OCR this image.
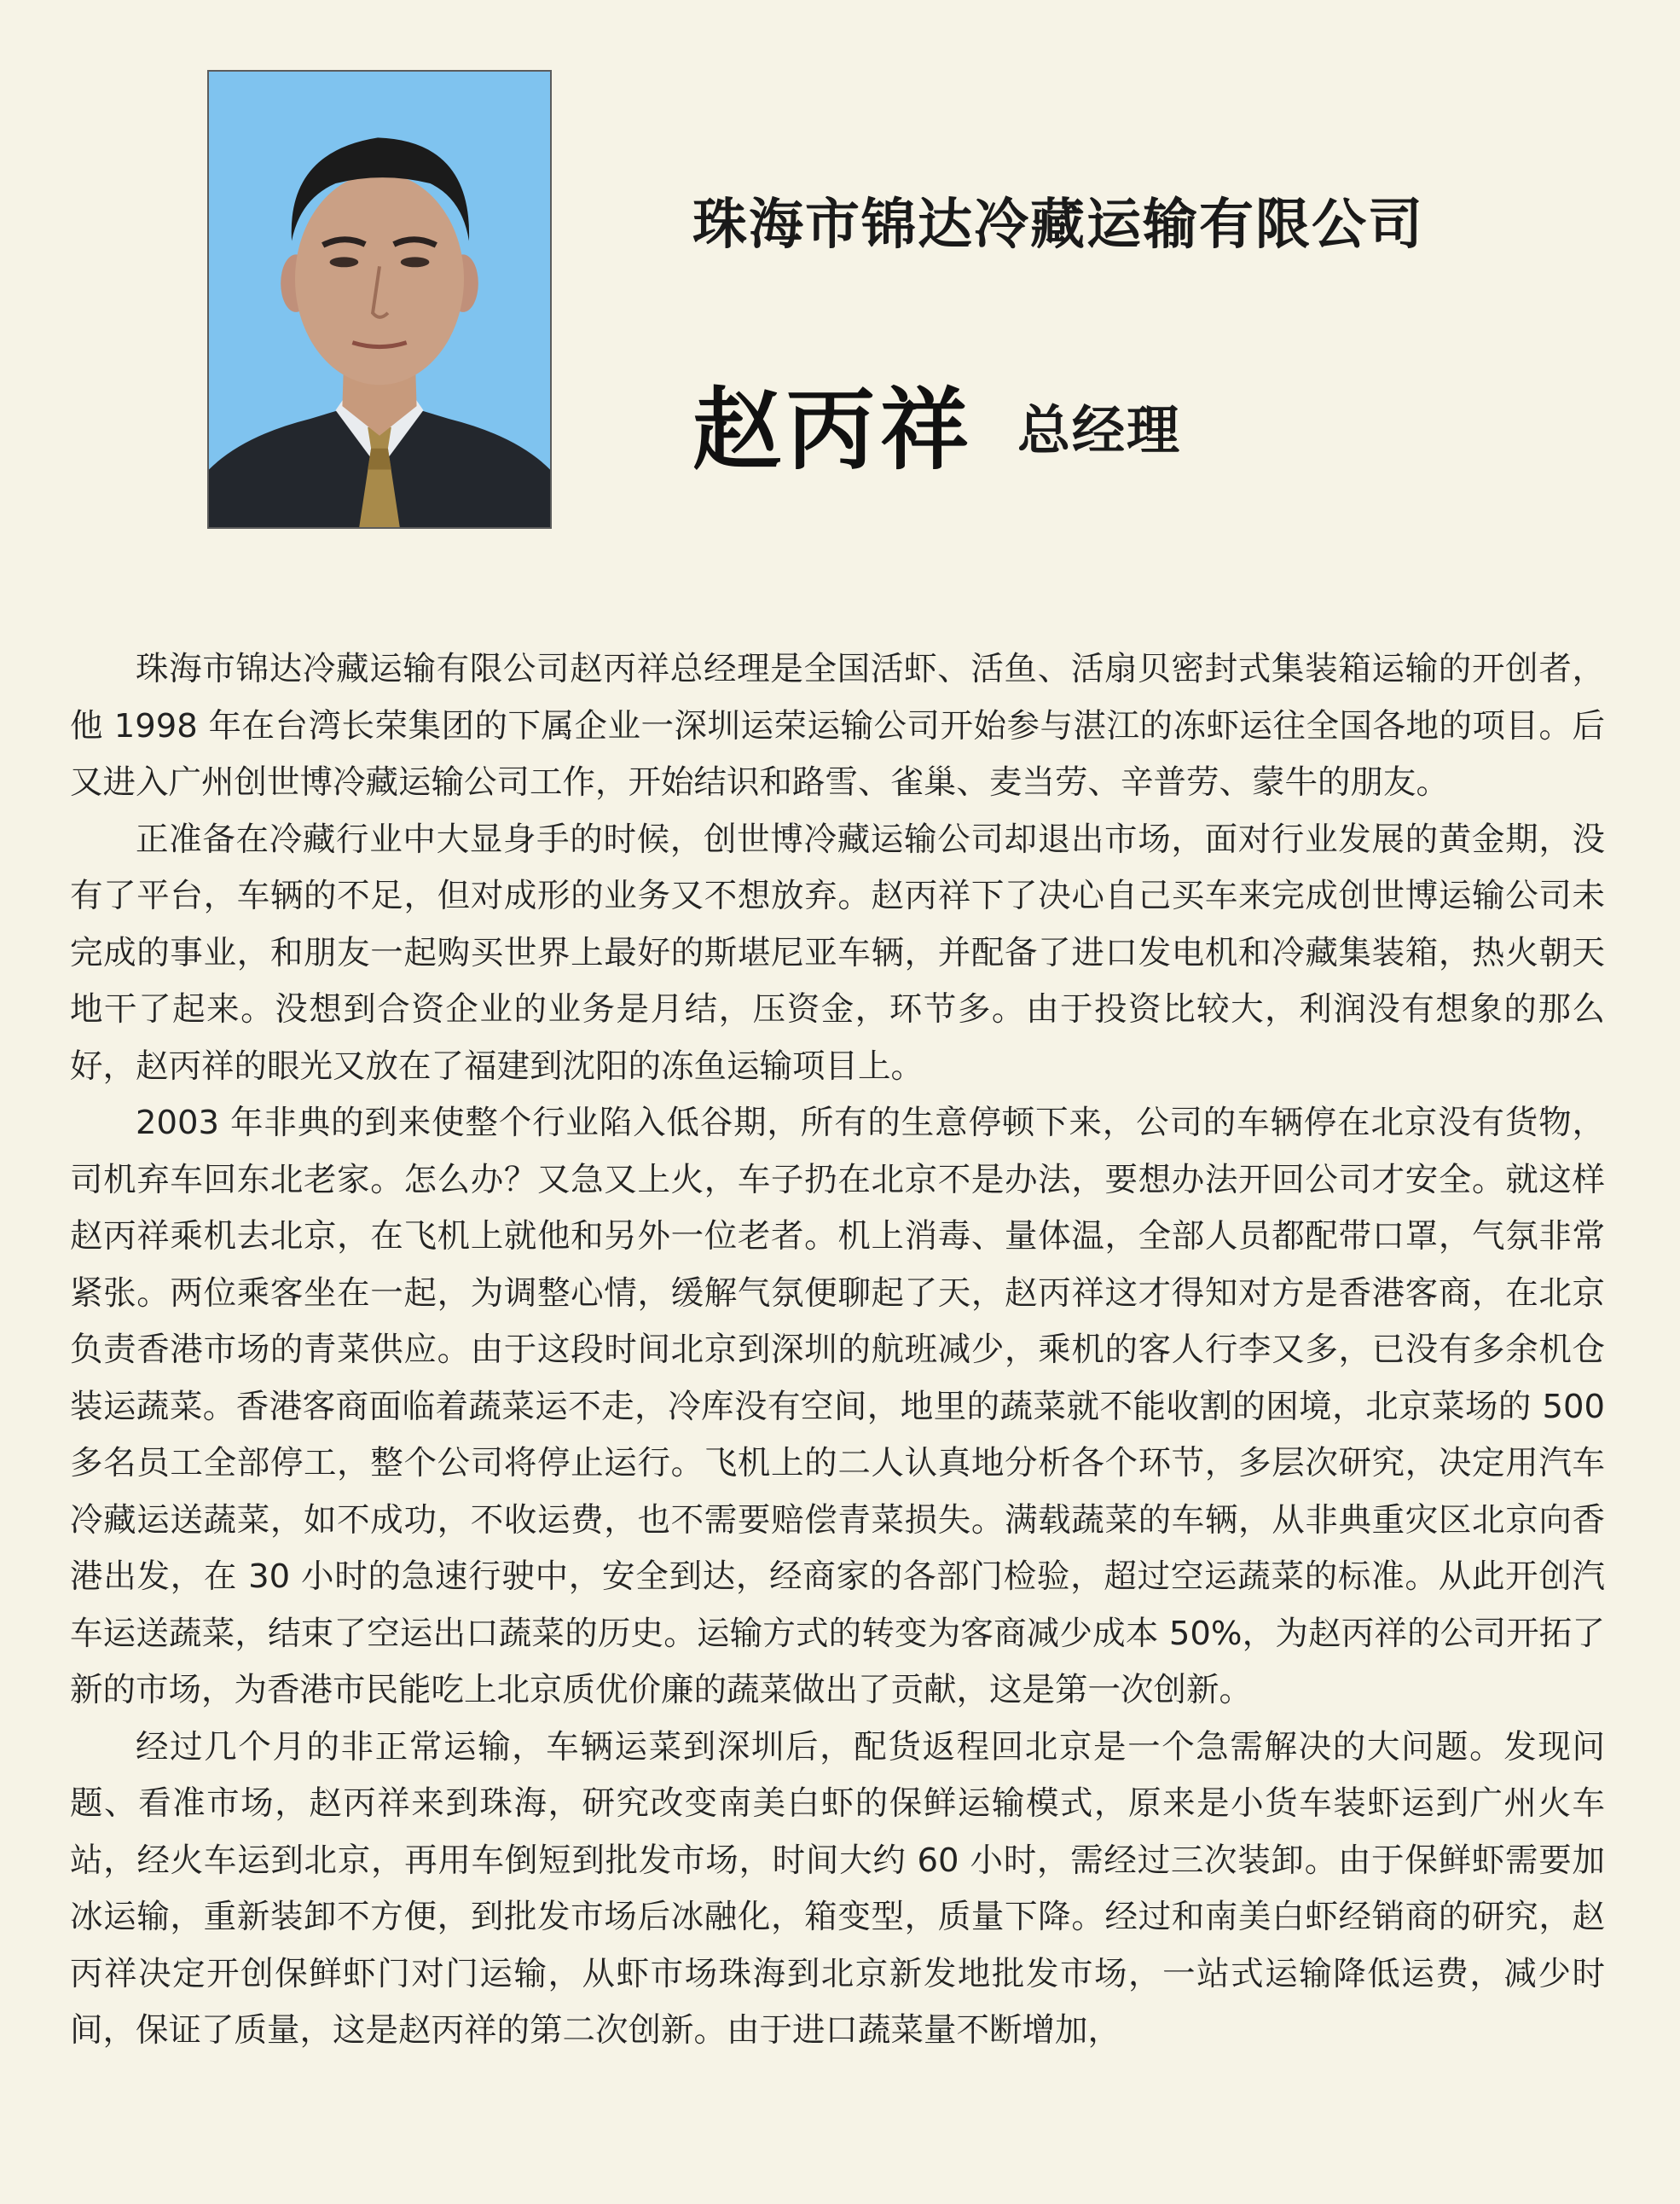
珠海市锦达冷藏运输有限公司
赵丙祥 总经理

珠海市锦达冷藏运输有限公司赵丙祥总经理是全国活虾、活鱼、活扇贝密封式集装箱运输的开创者，他 1998 年在台湾长荣集团的下属企业一深圳运荣运输公司开始参与湛江的冻虾运往全国各地的项目。后又进入广州创世博冷藏运输公司工作，开始结识和路雪、雀巢、麦当劳、辛普劳、蒙牛的朋友。

正准备在冷藏行业中大显身手的时候，创世博冷藏运输公司却退出市场，面对行业发展的黄金期，没有了平台，车辆的不足，但对成形的业务又不想放弃。赵丙祥下了决心自己买车来完成创世博运输公司未完成的事业，和朋友一起购买世界上最好的斯堪尼亚车辆，并配备了进口发电机和冷藏集装箱，热火朝天地干了起来。没想到合资企业的业务是月结，压资金，环节多。由于投资比较大，利润没有想象的那么好，赵丙祥的眼光又放在了福建到沈阳的冻鱼运输项目上。

2003 年非典的到来使整个行业陷入低谷期，所有的生意停顿下来，公司的车辆停在北京没有货物，司机弃车回东北老家。怎么办？又急又上火，车子扔在北京不是办法，要想办法开回公司才安全。就这样赵丙祥乘机去北京，在飞机上就他和另外一位老者。机上消毒、量体温，全部人员都配带口罩，气氛非常紧张。两位乘客坐在一起，为调整心情，缓解气氛便聊起了天，赵丙祥这才得知对方是香港客商，在北京负责香港市场的青菜供应。由于这段时间北京到深圳的航班减少，乘机的客人行李又多，已没有多余机仓装运蔬菜。香港客商面临着蔬菜运不走，冷库没有空间，地里的蔬菜就不能收割的困境，北京菜场的 500 多名员工全部停工，整个公司将停止运行。飞机上的二人认真地分析各个环节，多层次研究，决定用汽车冷藏运送蔬菜，如不成功，不收运费，也不需要赔偿青菜损失。满载蔬菜的车辆，从非典重灾区北京向香港出发，在 30 小时的急速行驶中，安全到达，经商家的各部门检验，超过空运蔬菜的标准。从此开创汽车运送蔬菜，结束了空运出口蔬菜的历史。运输方式的转变为客商减少成本 50%，为赵丙祥的公司开拓了新的市场，为香港市民能吃上北京质优价廉的蔬菜做出了贡献，这是第一次创新。

经过几个月的非正常运输，车辆运菜到深圳后，配货返程回北京是一个急需解决的大问题。发现问题、看准市场，赵丙祥来到珠海，研究改变南美白虾的保鲜运输模式，原来是小货车装虾运到广州火车站，经火车运到北京，再用车倒短到批发市场，时间大约 60 小时，需经过三次装卸。由于保鲜虾需要加冰运输，重新装卸不方便，到批发市场后冰融化，箱变型，质量下降。经过和南美白虾经销商的研究，赵丙祥决定开创保鲜虾门对门运输，从虾市场珠海到北京新发地批发市场，一站式运输降低运费，减少时间，保证了质量，这是赵丙祥的第二次创新。由于进口蔬菜量不断增加，
